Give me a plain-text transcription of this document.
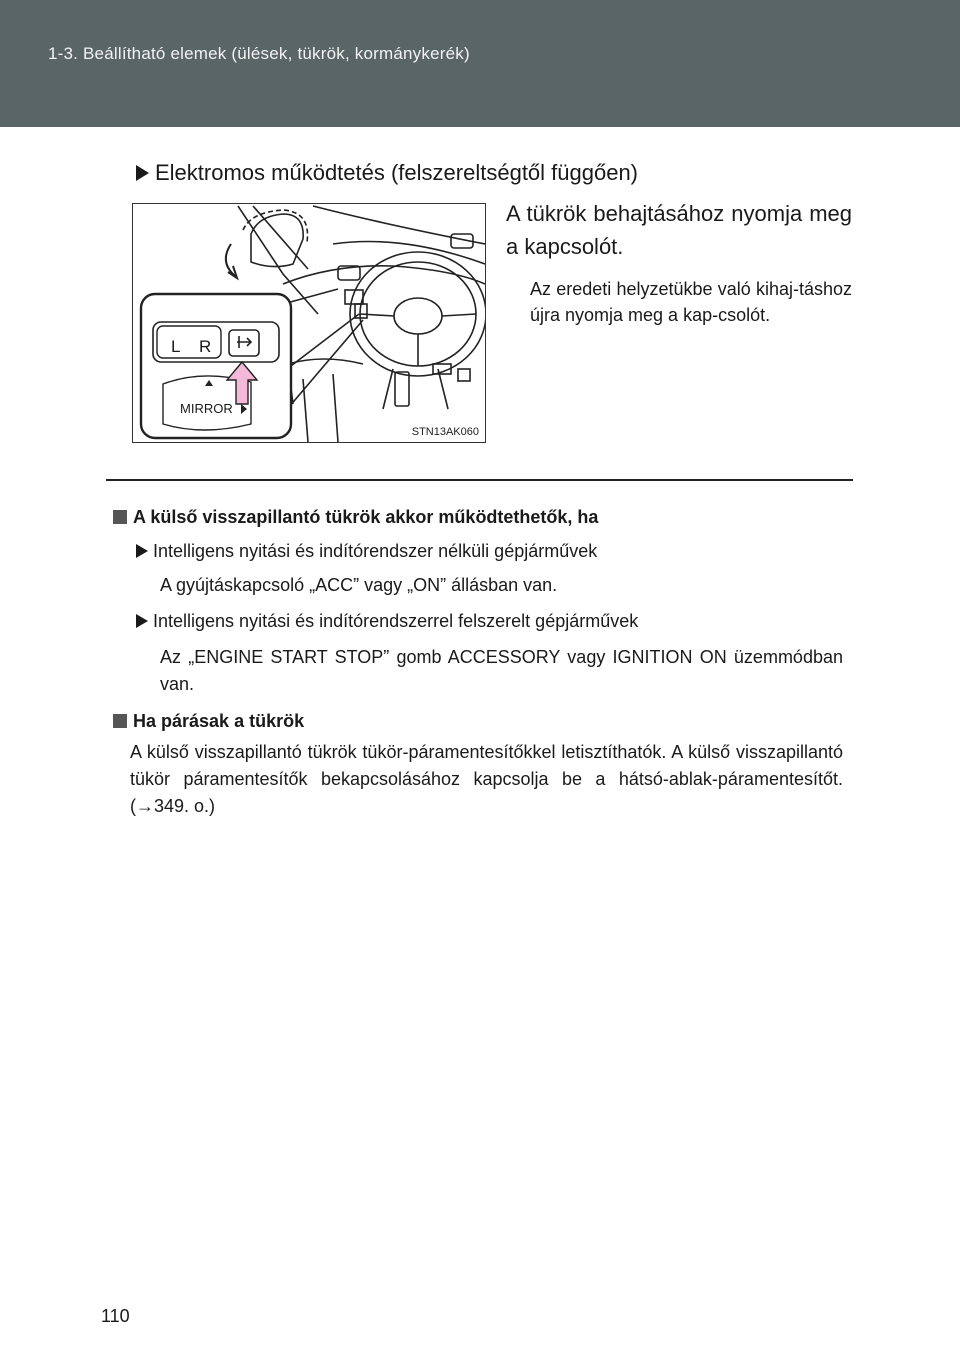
1-3. Beállítható elemek (ülések, tükrök, kormánykerék)
Elektromos működtetés (felszereltségtől függően)
L R
MIRROR
STN13AK060
A tükrök behajtásához nyomja meg a kapcsolót.
Az eredeti helyzetükbe való kihaj-táshoz újra nyomja meg a kap-csolót.
A külső visszapillantó tükrök akkor működtethetők, ha
Intelligens nyitási és indítórendszer nélküli gépjárművek
A gyújtáskapcsoló „ACC” vagy „ON” állásban van.
Intelligens nyitási és indítórendszerrel felszerelt gépjárművek
Az „ENGINE START STOP” gomb ACCESSORY vagy IGNITION ON üzemmódban van.
Ha párásak a tükrök
A külső visszapillantó tükrök tükör-páramentesítőkkel letisztíthatók. A külső visszapillantó tükör páramentesítők bekapcsolásához kapcsolja be a hátsó-ablak-páramentesítőt. (→349. o.)
110
